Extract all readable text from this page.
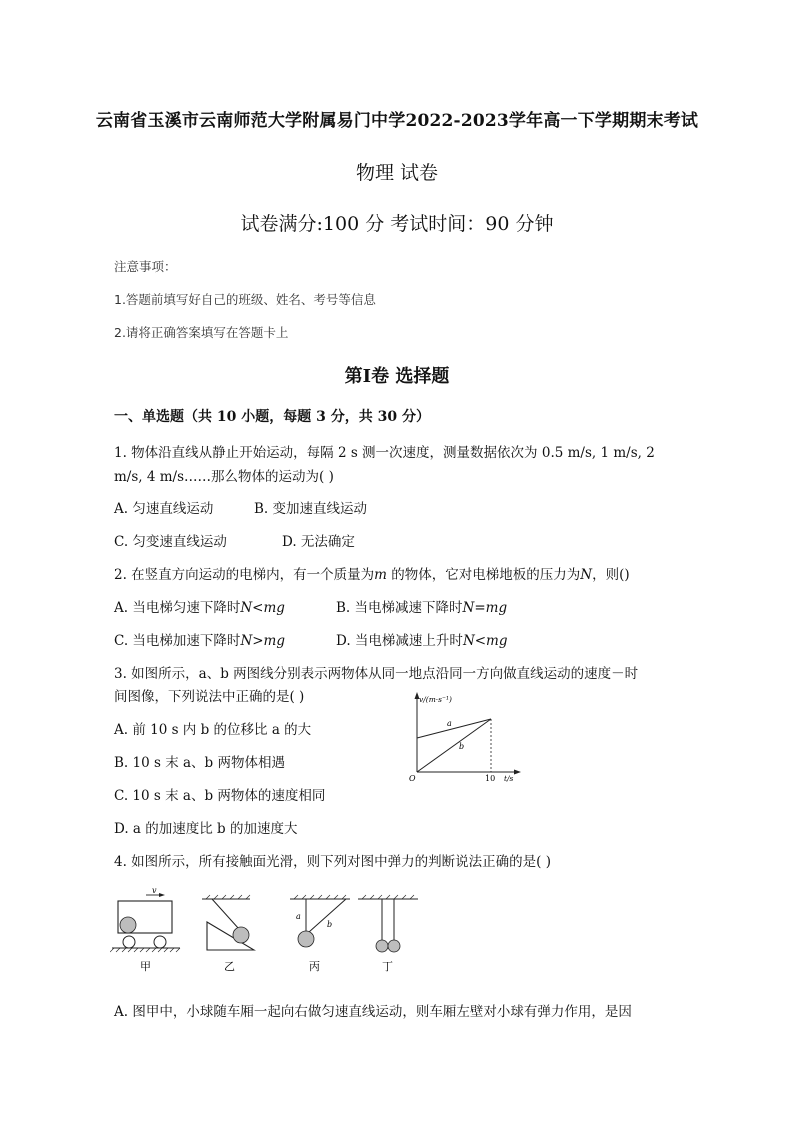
云南省玉溪市云南师范大学附属易门中学2022-2023学年高一下学期期末考试
物理 试卷
试卷满分:100 分 考试时间：90 分钟
注意事项：
1.答题前填写好自己的班级、姓名、考号等信息
2.请将正确答案填写在答题卡上
第Ⅰ卷 选择题
一、单选题（共 10 小题，每题 3 分，共 30 分）
1. 物体沿直线从静止开始运动，每隔 2 s 测一次速度，测量数据依次为 0.5 m/s, 1 m/s, 2
m/s, 4 m/s……那么物体的运动为( )
A. 匀速直线运动	B. 变加速直线运动
C. 匀变速直线运动	D. 无法确定
2. 在竖直方向运动的电梯内，有一个质量为m 的物体，它对电梯地板的压力为N，则()
A. 当电梯匀速下降时N<mg	B. 当电梯减速下降时N=mg
C. 当电梯加速下降时N>mg	D. 当电梯减速上升时N<mg
3. 如图所示，a、b 两图线分别表示两物体从同一地点沿同一方向做直线运动的速度－时
间图像，下列说法中正确的是( )
A. 前 10 s 内 b 的位移比 a 的大
B. 10 s 末 a、b 两物体相遇
C. 10 s 末 a、b 两物体的速度相同
D. a 的加速度比 b 的加速度大
v/(m·s⁻¹)
a
b
O	10 t/s
4. 如图所示，所有接触面光滑，则下列对图中弹力的判断说法正确的是( )
v
甲	乙
a
b
丙	丁
A. 图甲中，小球随车厢一起向右做匀速直线运动，则车厢左壁对小球有弹力作用，是因
